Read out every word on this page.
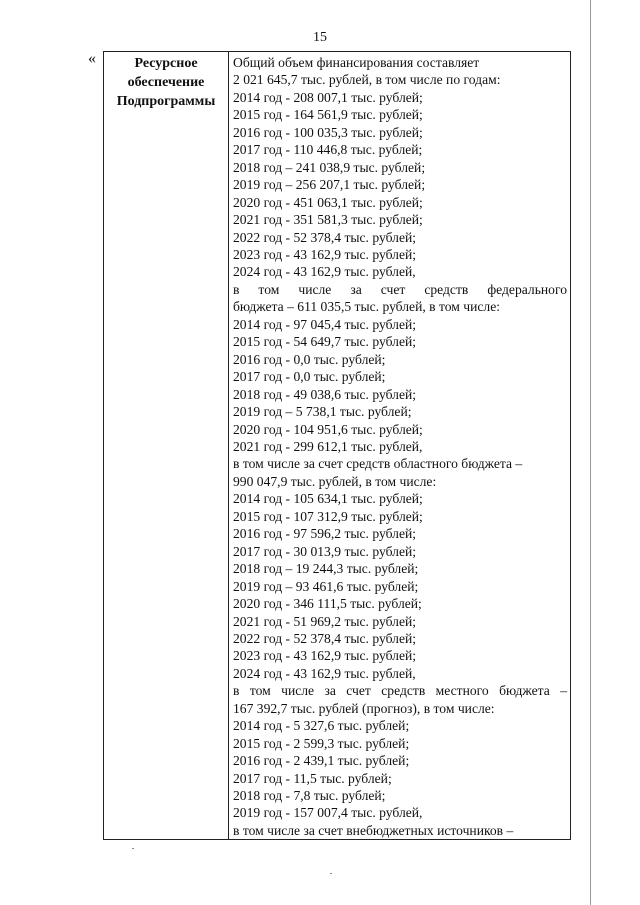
15
«	Ресурсное
обеспечение
Подпрограммы

Общий объем финансирования составляет
2 021 645,7 тыс. рублей, в том числе по годам:
2014 год - 208 007,1 тыс. рублей;
2015 год - 164 561,9 тыс. рублей;
2016 год - 100 035,3 тыс. рублей;
2017 год - 110 446,8 тыс. рублей;
2018 год – 241 038,9 тыс. рублей;
2019 год – 256 207,1 тыс. рублей;
2020 год - 451 063,1 тыс. рублей;
2021 год - 351 581,3 тыс. рублей;
2022 год - 52 378,4 тыс. рублей;
2023 год - 43 162,9 тыс. рублей;
2024 год - 43 162,9 тыс. рублей,
в том числе за счет средств федерального
бюджета – 611 035,5 тыс. рублей, в том числе:
2014 год - 97 045,4 тыс. рублей;
2015 год - 54 649,7 тыс. рублей;
2016 год - 0,0 тыс. рублей;
2017 год - 0,0 тыс. рублей;
2018 год - 49 038,6 тыс. рублей;
2019 год – 5 738,1 тыс. рублей;
2020 год - 104 951,6 тыс. рублей;
2021 год - 299 612,1 тыс. рублей,
в том числе за счет средств областного бюджета –
990 047,9 тыс. рублей, в том числе:
2014 год - 105 634,1 тыс. рублей;
2015 год - 107 312,9 тыс. рублей;
2016 год - 97 596,2 тыс. рублей;
2017 год - 30 013,9 тыс. рублей;
2018 год – 19 244,3 тыс. рублей;
2019 год – 93 461,6 тыс. рублей;
2020 год - 346 111,5 тыс. рублей;
2021 год - 51 969,2 тыс. рублей;
2022 год - 52 378,4 тыс. рублей;
2023 год - 43 162,9 тыс. рублей;
2024 год - 43 162,9 тыс. рублей,
в том числе за счет средств местного бюджета –
167 392,7 тыс. рублей (прогноз), в том числе:
2014 год - 5 327,6 тыс. рублей;
2015 год - 2 599,3 тыс. рублей;
2016 год - 2 439,1 тыс. рублей;
2017 год - 11,5 тыс. рублей;
2018 год - 7,8 тыс. рублей;
2019 год - 157 007,4 тыс. рублей,
в том числе за счет внебюджетных источников –
